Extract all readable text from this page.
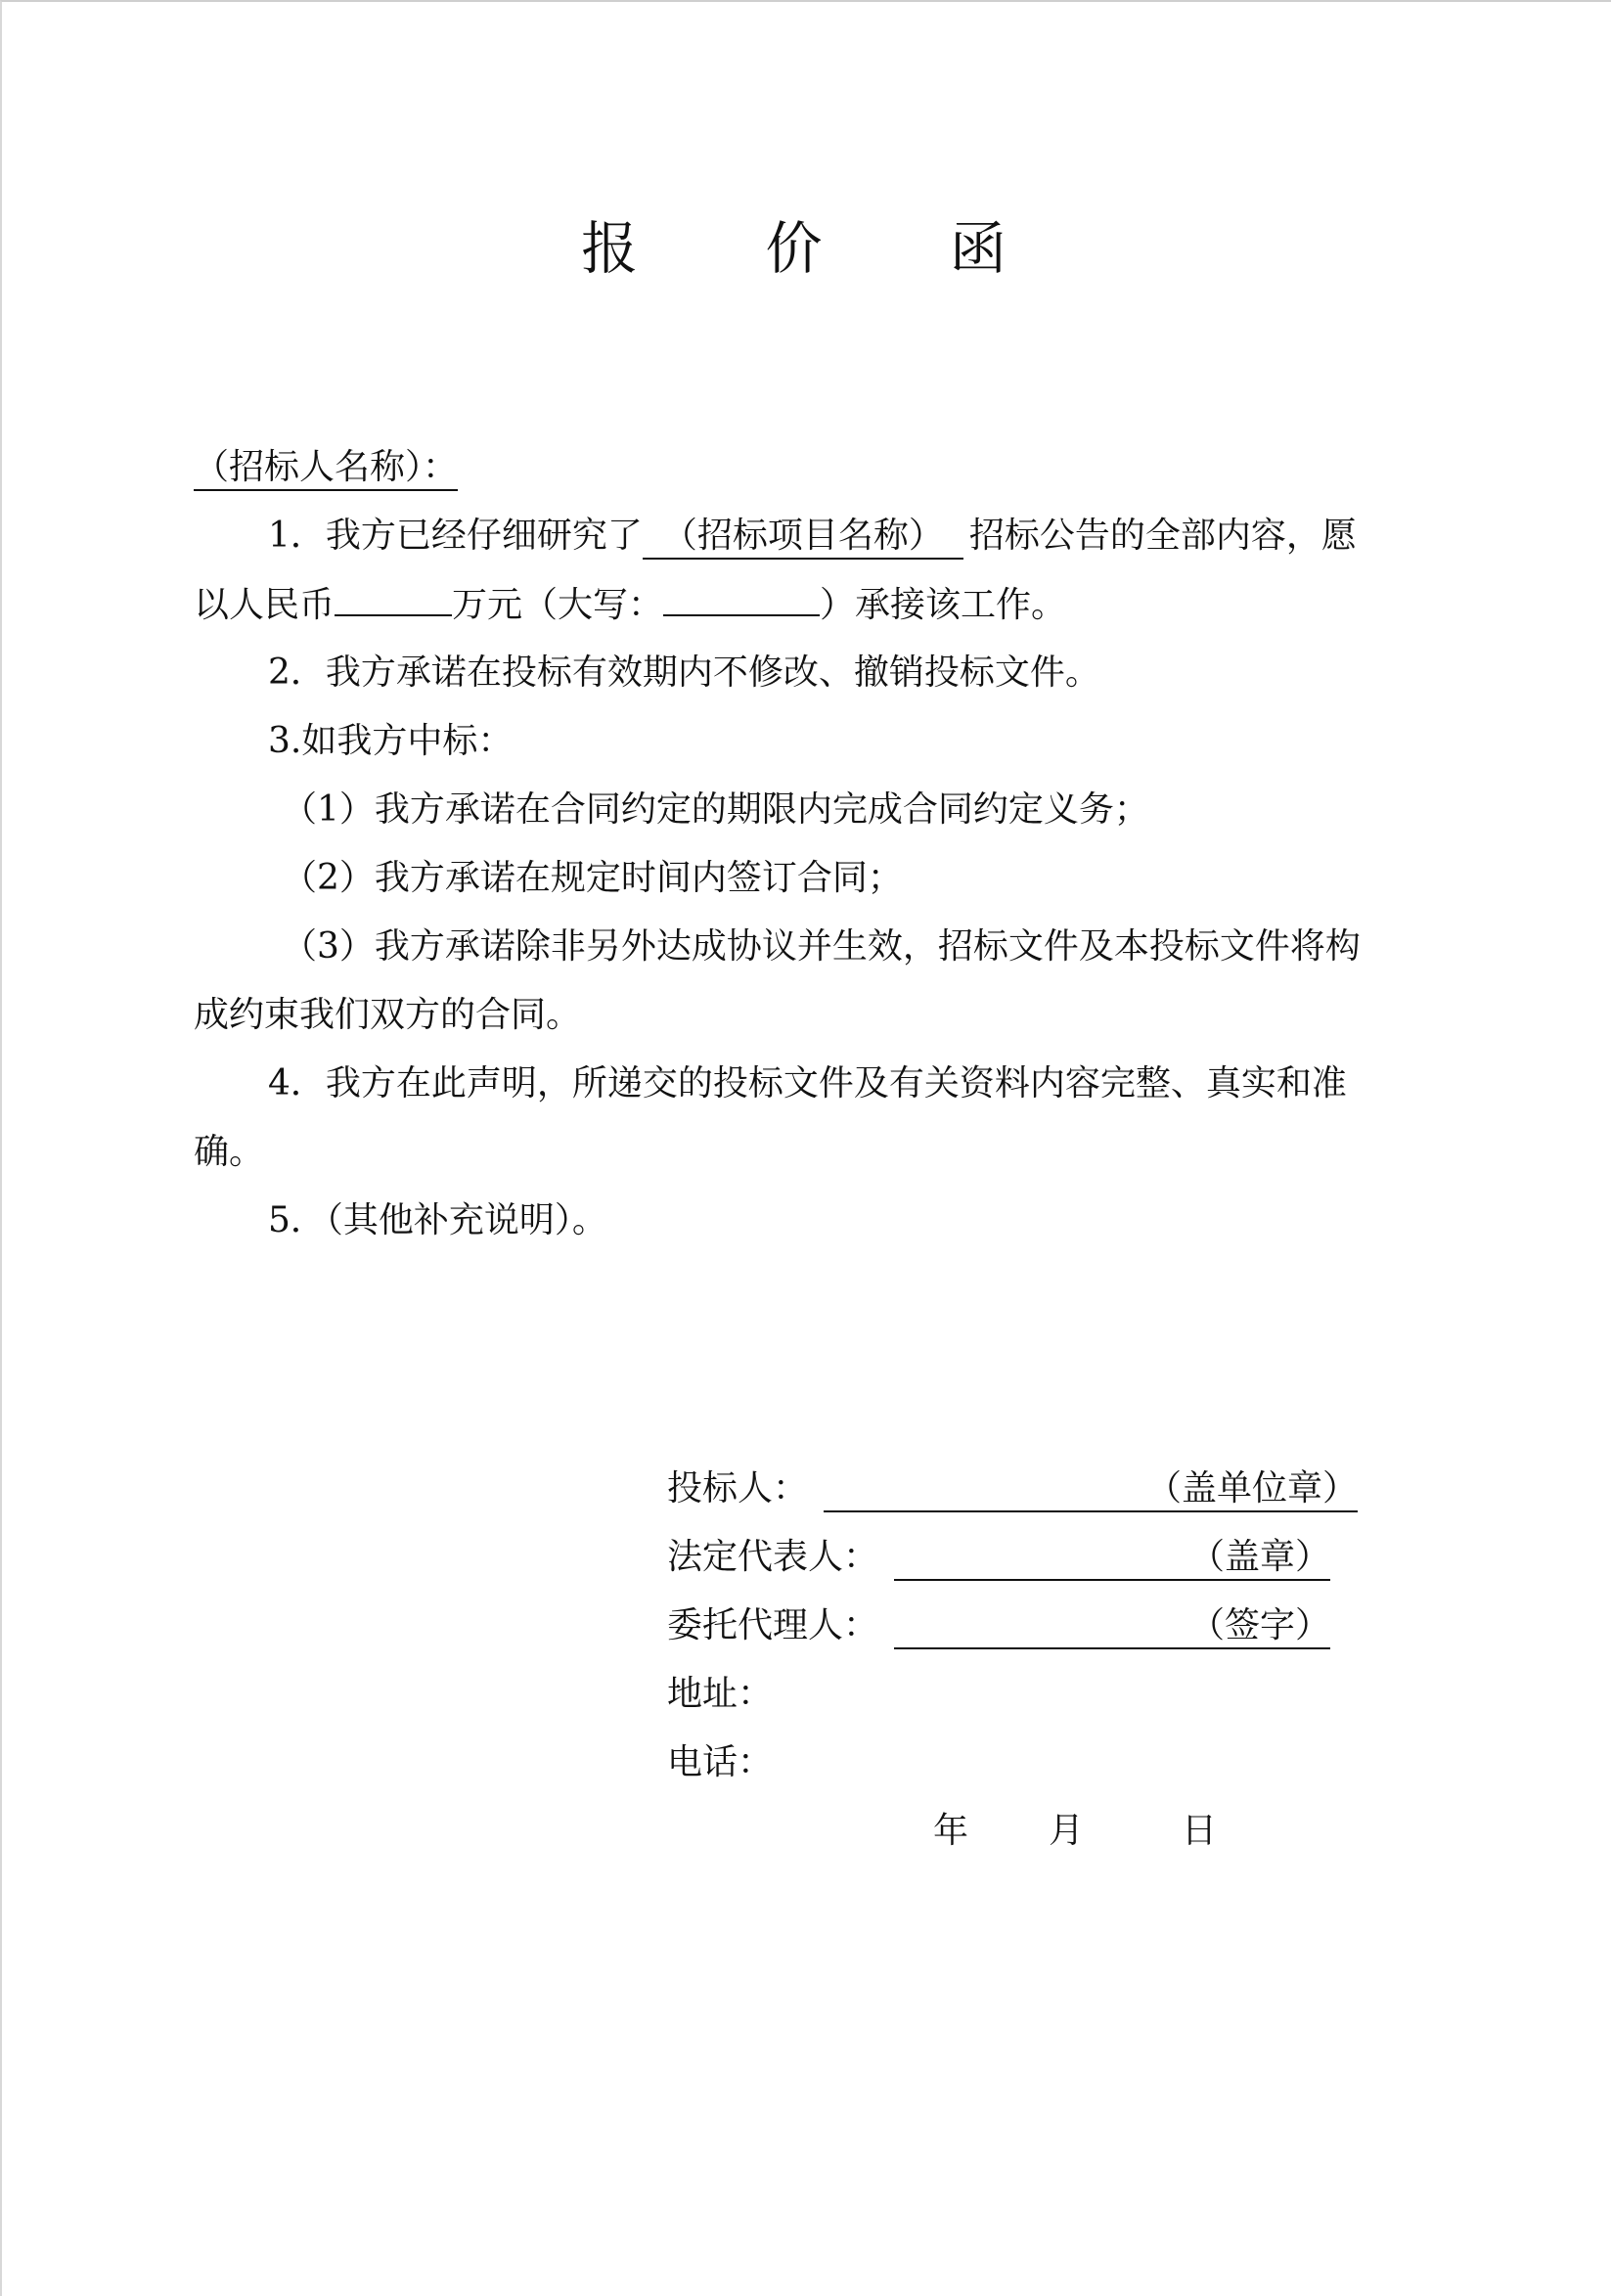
报 价 函
（招标人名称）：
1．我方已经仔细研究了 （招标项目名称） 招标公告的全部内容，愿
以人民币	万元（大写：	）承接该工作。
2．我方承诺在投标有效期内不修改、撤销投标文件。
3.如我方中标：
（1）我方承诺在合同约定的期限内完成合同约定义务；
（2）我方承诺在规定时间内签订合同；
（3）我方承诺除非另外达成协议并生效，招标文件及本投标文件将构
成约束我们双方的合同。
4．我方在此声明，所递交的投标文件及有关资料内容完整、真实和准
确。
5．（其他补充说明）。
投标人：	（盖单位章）
法定代表人：	（盖章）
委托代理人：	（签字）
地址：
电话：
年 月	日
